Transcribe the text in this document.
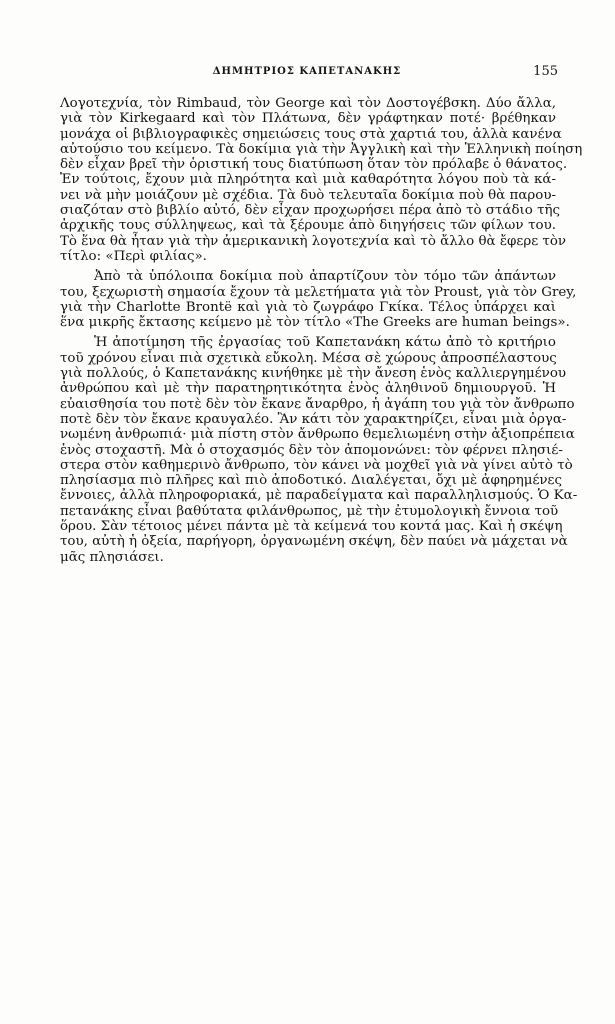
ΔΗΜΗΤΡΙΟΣ ΚΑΠΕΤΑΝΑΚΗΣ	155
Λογοτεχνία, τὸν Rimbaud, τὸν George καὶ τὸν Δοστογέβσκη. Δύο ἄλλα,
γιὰ τὸν Kirkegaard καὶ τὸν Πλάτωνα, δὲν γράφτηκαν ποτέ· βρέθηκαν
μονάχα οἱ βιβλιογραφικὲς σημειώσεις τους στὰ χαρτιά του, ἀλλὰ κανένα
αὐτούσιο του κείμενο. Τὰ δοκίμια γιὰ τὴν Ἀγγλικὴ καὶ τὴν Ἑλληνικὴ ποίηση
δὲν εἶχαν βρεῖ τὴν ὁριστική τους διατύπωση ὅταν τὸν πρόλαβε ὁ θάνατος.
Ἐν τούτοις, ἔχουν μιὰ πληρότητα καὶ μιὰ καθαρότητα λόγου ποὺ τὰ κά-
νει νὰ μὴν μοιάζουν μὲ σχέδια. Τὰ δυὸ τελευταῖα δοκίμια ποὺ θὰ παρου-
σιαζόταν στὸ βιβλίο αὐτό, δὲν εἶχαν προχωρήσει πέρα ἀπὸ τὸ στάδιο τῆς
ἀρχικῆς τους σύλληψεως, καὶ τὰ ξέρουμε ἀπὸ διηγήσεις τῶν φίλων του.
Τὸ ἕνα θὰ ἦταν γιὰ τὴν ἀμερικανικὴ λογοτεχνία καὶ τὸ ἄλλο θὰ ἔφερε τὸν
τίτλο: «Περὶ φιλίας».
Ἀπὸ τὰ ὑπόλοιπα δοκίμια ποὺ ἀπαρτίζουν τὸν τόμο τῶν ἁπάντων
του, ξεχωριστὴ σημασία ἔχουν τὰ μελετήματα γιὰ τὸν Proust, γιὰ τὸν Grey,
γιὰ τὴν Charlotte Brontë καὶ γιὰ τὸ ζωγράφο Γκίκα. Τέλος ὑπάρχει καὶ
ἕνα μικρῆς ἔκτασης κείμενο μὲ τὸν τίτλο «The Greeks are human beings».
Ἡ ἀποτίμηση τῆς ἐργασίας τοῦ Καπετανάκη κάτω ἀπὸ τὸ κριτήριο
τοῦ χρόνου εἶναι πιὰ σχετικὰ εὔκολη. Μέσα σὲ χώρους ἀπροσπέλαστους
γιὰ πολλούς, ὁ Καπετανάκης κινήθηκε μὲ τὴν ἄνεση ἑνὸς καλλιεργημένου
ἀνθρώπου καὶ μὲ τὴν παρατηρητικότητα ἑνὸς ἀληθινοῦ δημιουργοῦ. Ἡ
εὐαισθησία του ποτὲ δὲν τὸν ἔκανε ἄναρθρο, ἡ ἀγάπη του γιὰ τὸν ἄνθρωπο
ποτὲ δὲν τὸν ἔκανε κραυγαλέο. Ἂν κάτι τὸν χαρακτηρίζει, εἶναι μιὰ ὀργα-
νωμένη ἀνθρωπιά· μιὰ πίστη στὸν ἄνθρωπο θεμελιωμένη στὴν ἀξιοπρέπεια
ἑνὸς στοχαστῆ. Μὰ ὁ στοχασμός δὲν τὸν ἀπομονώνει: τὸν φέρνει πλησιέ-
στερα στὸν καθημερινὸ ἄνθρωπο, τὸν κάνει νὰ μοχθεῖ γιὰ νὰ γίνει αὐτὸ τὸ
πλησίασμα πιὸ πλῆρες καὶ πιὸ ἀποδοτικό. Διαλέγεται, ὄχι μὲ ἀφηρημένες
ἔννοιες, ἀλλὰ πληροφοριακά, μὲ παραδείγματα καὶ παραλληλισμούς. Ὁ Κα-
πετανάκης εἶναι βαθύτατα φιλάνθρωπος, μὲ τὴν ἐτυμολογικὴ ἔννοια τοῦ
ὅρου. Σὰν τέτοιος μένει πάντα μὲ τὰ κείμενά του κοντά μας. Καὶ ἡ σκέψη
του, αὐτὴ ἡ ὀξεία, παρήγορη, ὀργανωμένη σκέψη, δὲν παύει νὰ μάχεται νὰ
μᾶς πλησιάσει.
